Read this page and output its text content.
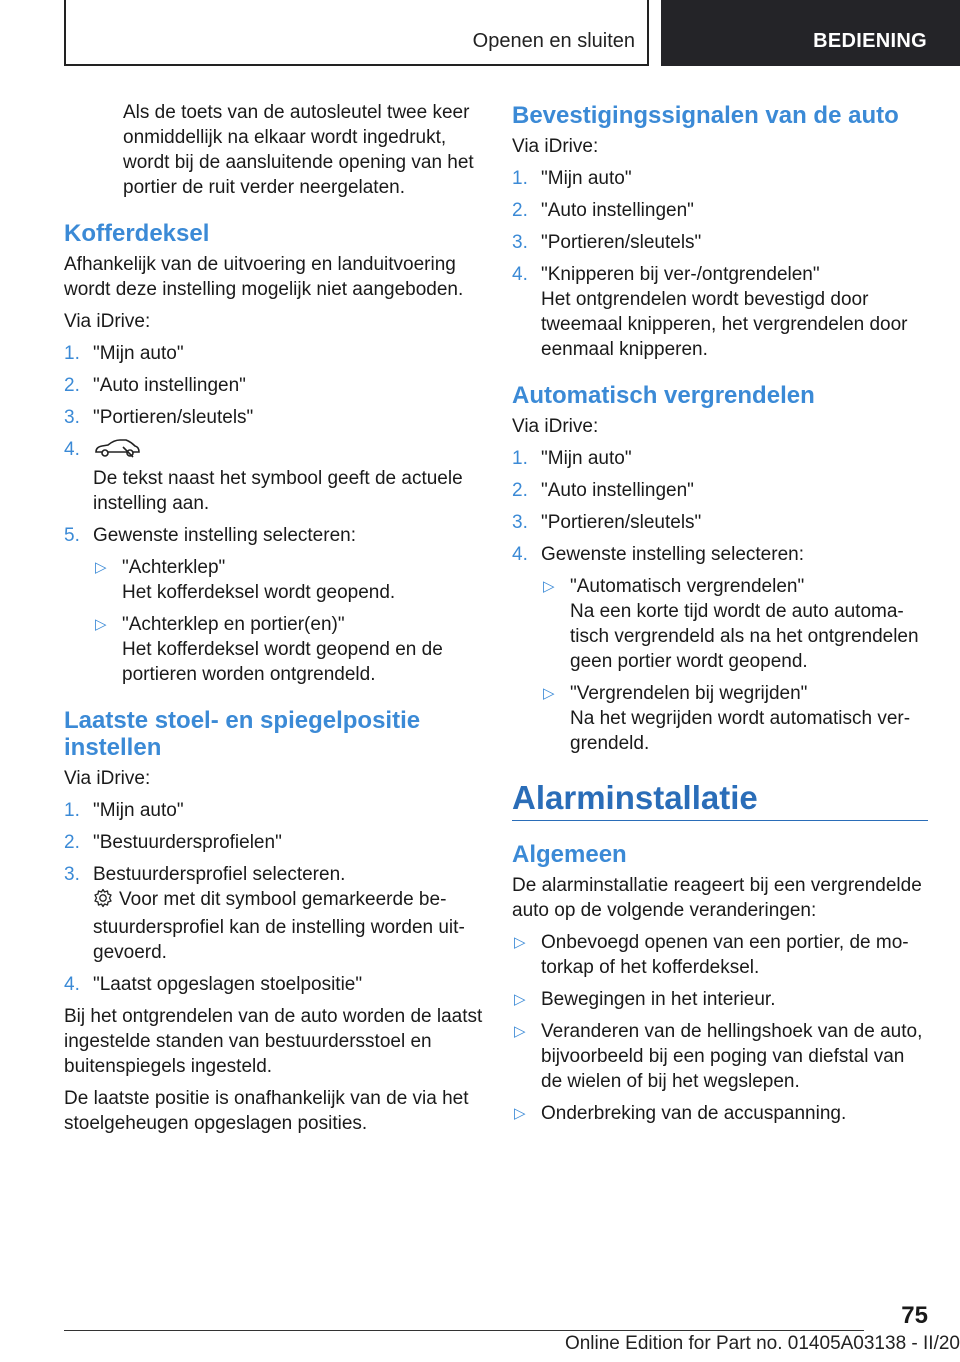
Openen en sluiten	BEDIENING

Als de toets van de autosleutel twee keer onmiddellijk na elkaar wordt ingedrukt, wordt bij de aansluitende opening van het portier de ruit verder neergelaten.

Kofferdeksel

Afhankelijk van de uitvoering en landuitvoering wordt deze instelling mogelijk niet aangeboden.

Via iDrive:

1. "Mijn auto"
2. "Auto instellingen"
3. "Portieren/sleutels"
4.
De tekst naast het symbool geeft de actuele instelling aan.
5. Gewenste instelling selecteren:
▷ "Achterklep"
Het kofferdeksel wordt geopend.
▷ "Achterklep en portier(en)"
Het kofferdeksel wordt geopend en de portieren worden ontgrendeld.
Laatste stoel- en spiegelpositie instellen

Via iDrive:

1. "Mijn auto"
2. "Bestuurdersprofielen"
3. Bestuurdersprofiel selecteren.
Voor met dit symbool gemarkeerde bestuurdersprofiel kan de instelling worden uitgevoerd.
4. "Laatst opgeslagen stoelpositie"

Bij het ontgrendelen van de auto worden de laatst ingestelde standen van bestuurdersstoel en buitenspiegels ingesteld.

De laatste positie is onafhankelijk van de via het stoelgeheugen opgeslagen posities.

Bevestigingssignalen van de auto

Via iDrive:

1. "Mijn auto"
2. "Auto instellingen"
3. "Portieren/sleutels"
4. "Knipperen bij ver-/ontgrendelen"
Het ontgrendelen wordt bevestigd door tweemaal knipperen, het vergrendelen door eenmaal knipperen.
Automatisch vergrendelen

Via iDrive:

1. "Mijn auto"
2. "Auto instellingen"
3. "Portieren/sleutels"
4. Gewenste instelling selecteren:
▷ "Automatisch vergrendelen"
Na een korte tijd wordt de auto automatisch vergrendeld als na het ontgrendelen geen portier wordt geopend.
▷ "Vergrendelen bij wegrijden"
Na het wegrijden wordt automatisch vergrendeld.
Alarminstallatie
Algemeen

De alarminstallatie reageert bij een vergrendelde auto op de volgende veranderingen:

▷ Onbevoegd openen van een portier, de motorkap of het kofferdeksel.
▷ Bewegingen in het interieur.
▷ Veranderen van de hellingshoek van de auto, bijvoorbeeld bij een poging van diefstal van de wielen of bij het wegslepen.
▷ Onderbreking van de accuspanning.
75
Online Edition for Part no. 01405A03138 - II/20
